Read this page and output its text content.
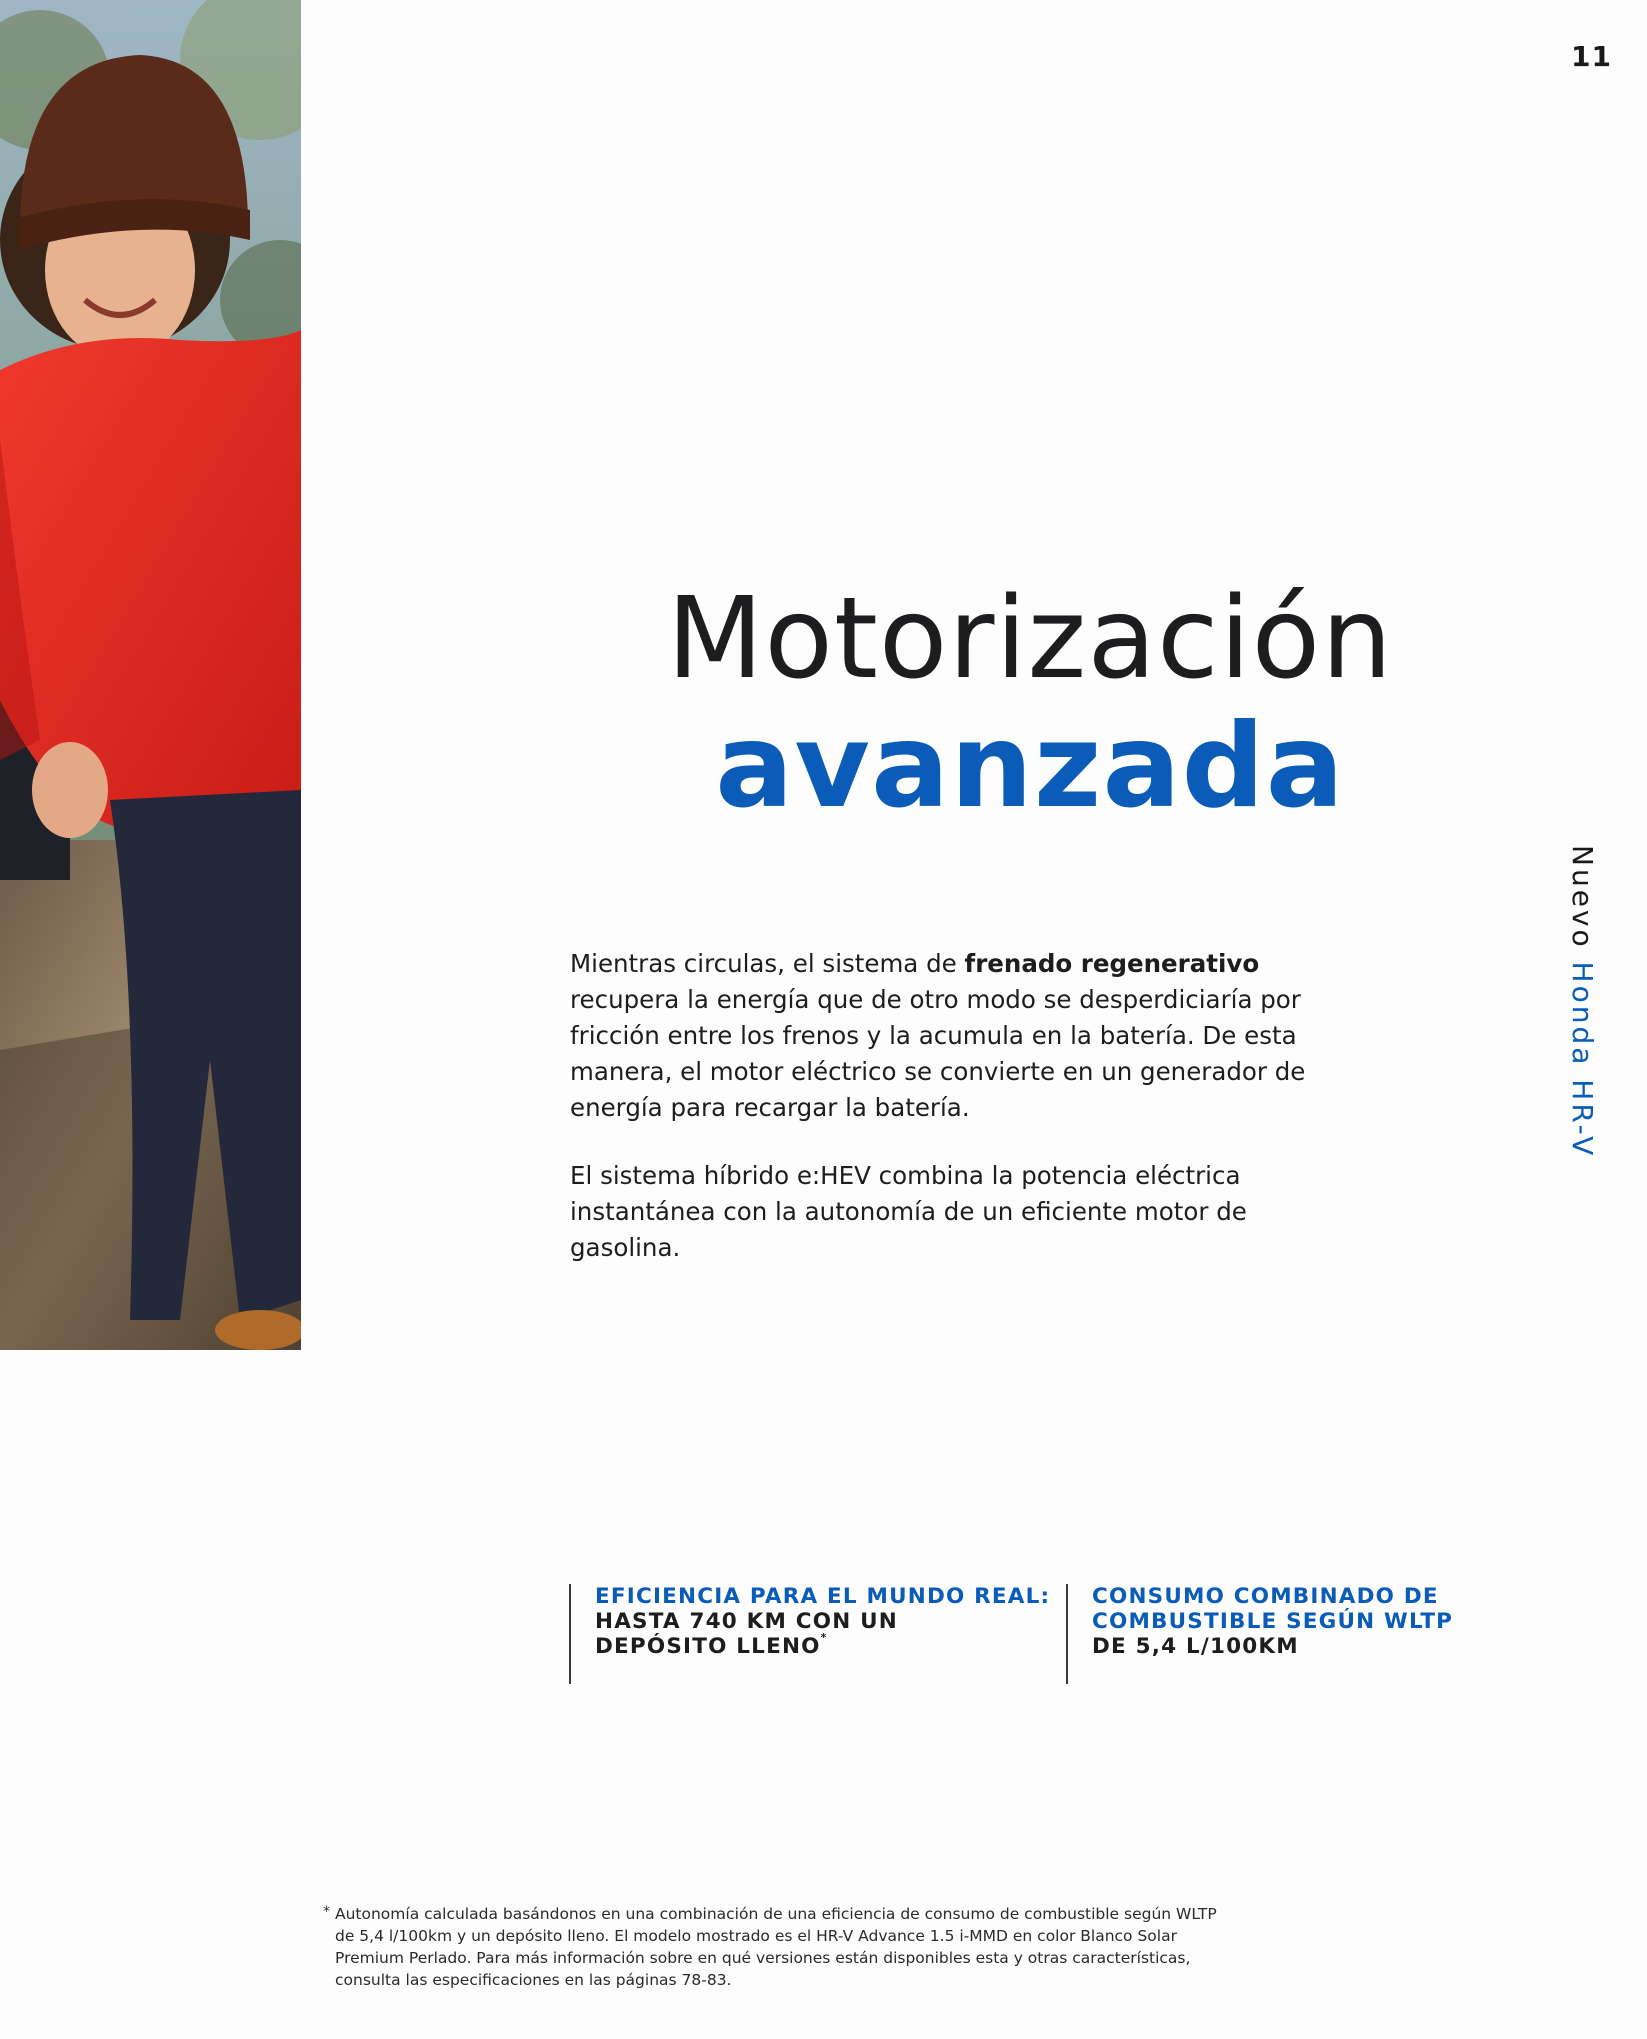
11
Nuevo Honda HR-V
Motorización
avanzada

Mientras circulas, el sistema de frenado regenerativo recupera la energía que de otro modo se desperdiciaría por fricción entre los frenos y la acumula en la batería. De esta manera, el motor eléctrico se convierte en un generador de energía para recargar la batería.

El sistema híbrido e:HEV combina la potencia eléctrica instantánea con la autonomía de un eficiente motor de gasolina.

EFICIENCIA PARA EL MUNDO REAL:
HASTA 740 KM CON UN
DEPÓSITO LLENO*
CONSUMO COMBINADO DE
COMBUSTIBLE SEGÚN WLTP
DE 5,4 L/100KM
* Autonomía calculada basándonos en una combinación de una eficiencia de consumo de combustible según WLTP de 5,4 l/100km y un depósito lleno. El modelo mostrado es el HR-V Advance 1.5 i-MMD en color Blanco Solar Premium Perlado. Para más información sobre en qué versiones están disponibles esta y otras características, consulta las especificaciones en las páginas 78-83.
